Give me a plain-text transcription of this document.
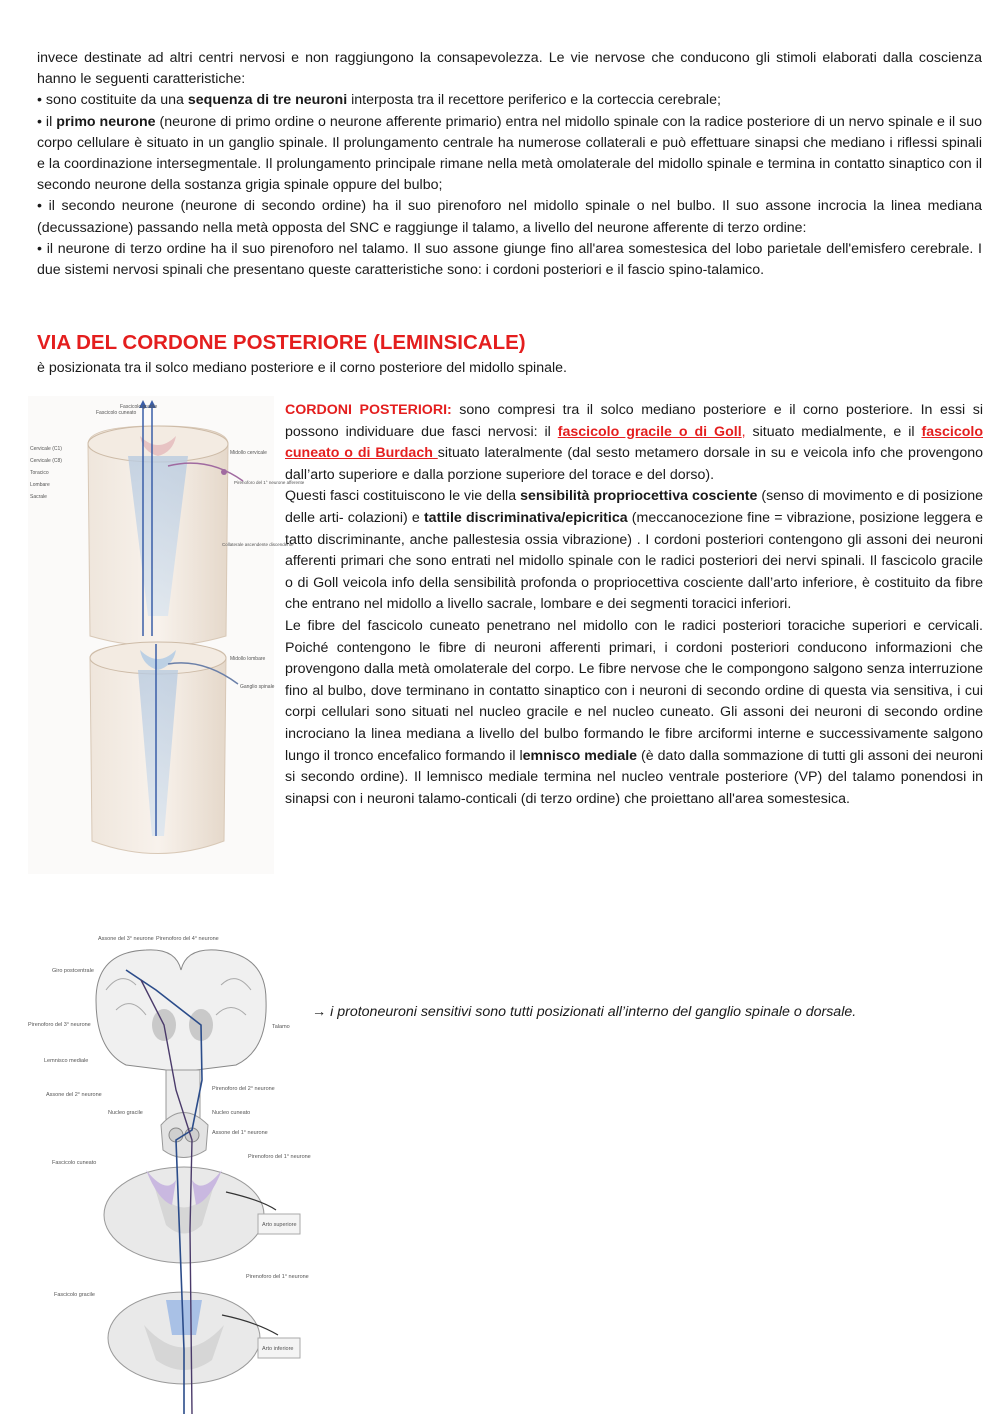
invece destinate ad altri centri nervosi e non raggiungono la consapevolezza. Le vie nervose che conducono gli stimoli elaborati dalla coscienza hanno le seguenti caratteristiche:

• sono costituite da una sequenza di tre neuroni interposta tra il recettore periferico e la corteccia cerebrale;

• il primo neurone (neurone di primo ordine o neurone afferente primario) entra nel midollo spinale con la radice posteriore di un nervo spinale e il suo corpo cellulare è situato in un ganglio spinale. Il prolungamento centrale ha numerose collaterali e può effettuare sinapsi che mediano i riflessi spinali e la coordinazione intersegmentale. Il prolungamento principale rimane nella metà omolaterale del midollo spinale e termina in contatto sinaptico con il secondo neurone della sostanza grigia spinale oppure del bulbo;

• il secondo neurone (neurone di secondo ordine) ha il suo pirenoforo nel midollo spinale o nel bulbo. Il suo assone incrocia la linea mediana (decussazione) passando nella metà opposta del SNC e raggiunge il talamo, a livello del neurone afferente di terzo ordine:

• il neurone di terzo ordine ha il suo pirenoforo nel talamo. Il suo assone giunge fino all'area somestesica del lobo parietale dell'emisfero cerebrale. I due sistemi nervosi spinali che presentano queste caratteristiche sono: i cordoni posteriori e il fascio spino-talamico.

VIA DEL CORDONE POSTERIORE (LEMINSICALE)

è posizionata tra il solco mediano posteriore e il corno posteriore del midollo spinale.

Fascicolo cuneato
Fascicolo gracile
Cervicale (C1)
Cervicale (C8)
Toracico
Lombare
Sacrale
Midollo cervicale
Pirenoforo del 1° neurone afferente
Collaterale ascendente discendente
Midollo lombare
Ganglio spinale

CORDONI POSTERIORI: sono compresi tra il solco mediano posteriore e il corno posteriore. In essi si possono individuare due fasci nervosi: il fascicolo gracile o di Goll, situato medialmente, e il fascicolo cuneato o di Burdach situato lateralmente (dal sesto metamero dorsale in su e veicola info che provengono dall’arto superiore e dalla porzione superiore del torace e del dorso).

Questi fasci costituiscono le vie della sensibilità propriocettiva cosciente (senso di movimento e di posizione delle arti- colazioni) e tattile discriminativa/epicritica (meccanocezione fine = vibrazione, posizione leggera e tatto discriminante, anche pallestesia ossia vibrazione) . I cordoni posteriori contengono gli assoni dei neuroni afferenti primari che sono entrati nel midollo spinale con le radici posteriori dei nervi spinali. Il fascicolo gracile o di Goll veicola info della sensibilità profonda o propriocettiva cosciente dall’arto inferiore, è costituito da fibre che entrano nel midollo a livello sacrale, lombare e dei segmenti toracici inferiori.

Le fibre del fascicolo cuneato penetrano nel midollo con le radici posteriori toraciche superiori e cervicali. Poiché contengono le fibre di neuroni afferenti primari, i cordoni posteriori conducono informazioni che provengono dalla metà omolaterale del corpo. Le fibre nervose che le compongono salgono senza interruzione fino al bulbo, dove terminano in contatto sinaptico con i neuroni di secondo ordine di questa via sensitiva, i cui corpi cellulari sono situati nel nucleo gracile e nel nucleo cuneato. Gli assoni dei neuroni di secondo ordine incrociano la linea mediana a livello del bulbo formando le fibre arciformi interne e successivamente salgono lungo il tronco encefalico formando il lemnisco mediale (è dato dalla sommazione di tutti gli assoni dei neuroni si secondo ordine). Il lemnisco mediale termina nel nucleo ventrale posteriore (VP) del talamo ponendosi in sinapsi con i neuroni talamo-conticali (di terzo ordine) che proiettano all'area somestesica.

Assone del 3° neurone Pirenoforo del 4° neurone
Giro postcentrale
Talamo
Pirenoforo del 3° neurone
Lemnisco mediale
Pirenoforo del 2° neurone
Assone del 2° neurone
Nucleo cuneato
Nucleo gracile
Assone del 1° neurone
Fascicolo cuneato
Pirenoforo del 1° neurone
Arto superiore
Fascicolo gracile
Pirenoforo del 1° neurone
Arto inferiore

→ i protoneuroni sensitivi sono tutti posizionati all’interno del ganglio spinale o dorsale.
